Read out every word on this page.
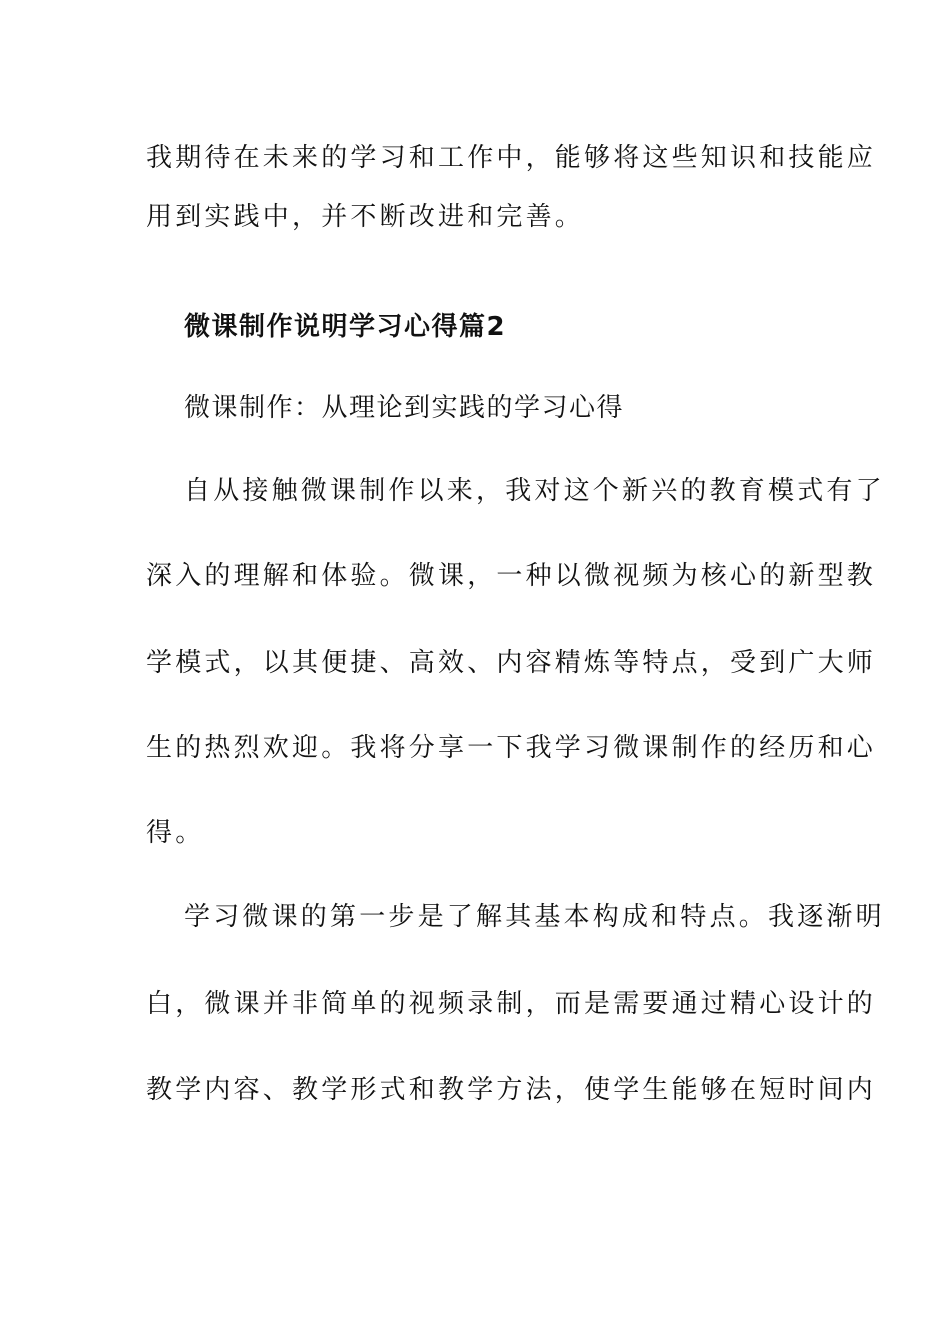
我期待在未来的学习和工作中，能够将这些知识和技能应
用到实践中，并不断改进和完善。
微课制作说明学习心得篇2
微课制作：从理论到实践的学习心得
自从接触微课制作以来，我对这个新兴的教育模式有了
深入的理解和体验。微课，一种以微视频为核心的新型教
学模式，以其便捷、高效、内容精炼等特点，受到广大师
生的热烈欢迎。我将分享一下我学习微课制作的经历和心
得。
学习微课的第一步是了解其基本构成和特点。我逐渐明
白，微课并非简单的视频录制，而是需要通过精心设计的
教学内容、教学形式和教学方法，使学生能够在短时间内
